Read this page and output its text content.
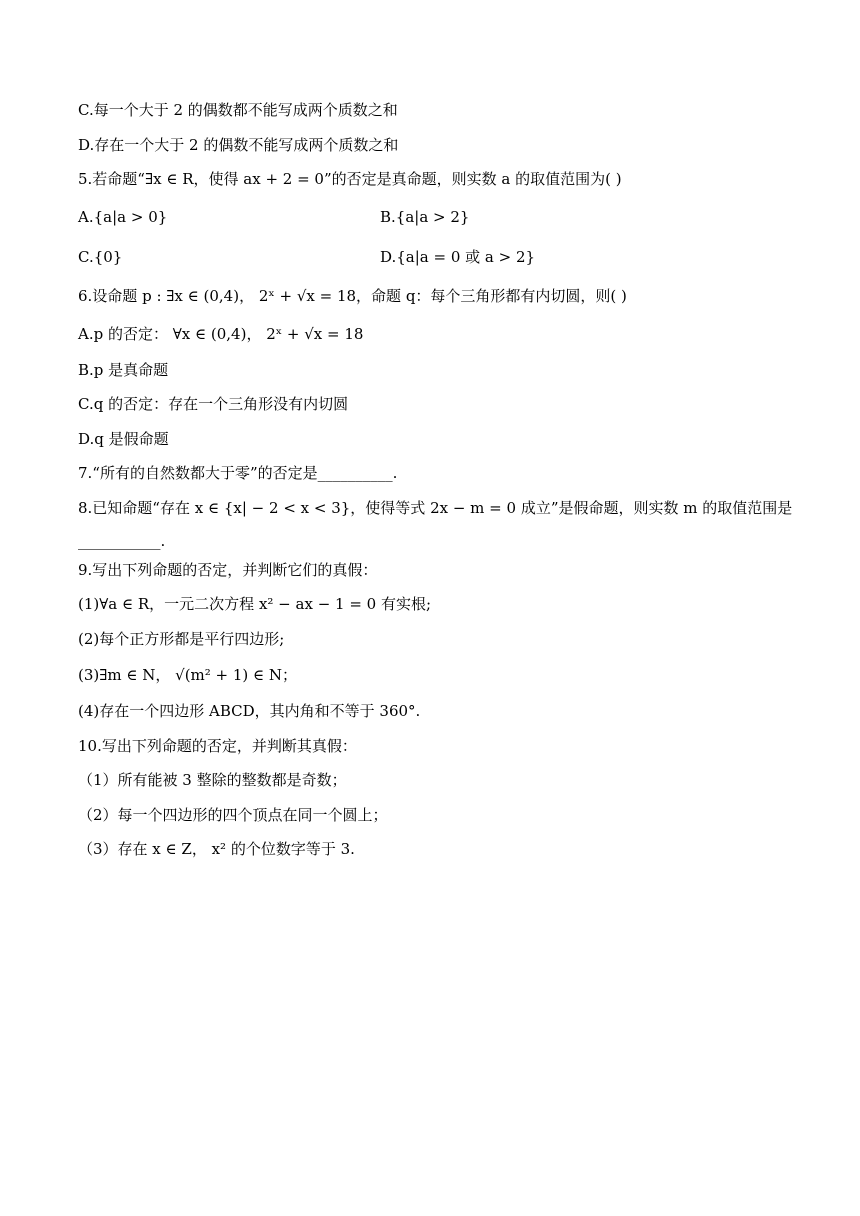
C.每一个大于 2 的偶数都不能写成两个质数之和
D.存在一个大于 2 的偶数不能写成两个质数之和
5.若命题“∃x ∈ R，使得 ax + 2 = 0”的否定是真命题，则实数 a 的取值范围为( )
A.{a|a > 0}	B.{a|a > 2}
C.{0}	D.{a|a = 0 或 a > 2}
6.设命题 p : ∃x ∈ (0,4)， 2ˣ + √x = 18，命题 q：每个三角形都有内切圆，则( )
A.p 的否定： ∀x ∈ (0,4)， 2ˣ + √x = 18
B.p 是真命题
C.q 的否定：存在一个三角形没有内切圆
D.q 是假命题
7.“所有的自然数都大于零”的否定是__________.
8.已知命题“存在 x ∈ {x| − 2 < x < 3}，使得等式 2x − m = 0 成立”是假命题，则实数 m 的取值范围是___________.
9.写出下列命题的否定，并判断它们的真假：
(1)∀a ∈ R，一元二次方程 x² − ax − 1 = 0 有实根;
(2)每个正方形都是平行四边形;
(3)∃m ∈ N， √(m² + 1) ∈ N；
(4)存在一个四边形 ABCD，其内角和不等于 360°.
10.写出下列命题的否定，并判断其真假：
（1）所有能被 3 整除的整数都是奇数；
（2）每一个四边形的四个顶点在同一个圆上；
（3）存在 x ∈ Z， x² 的个位数字等于 3.
